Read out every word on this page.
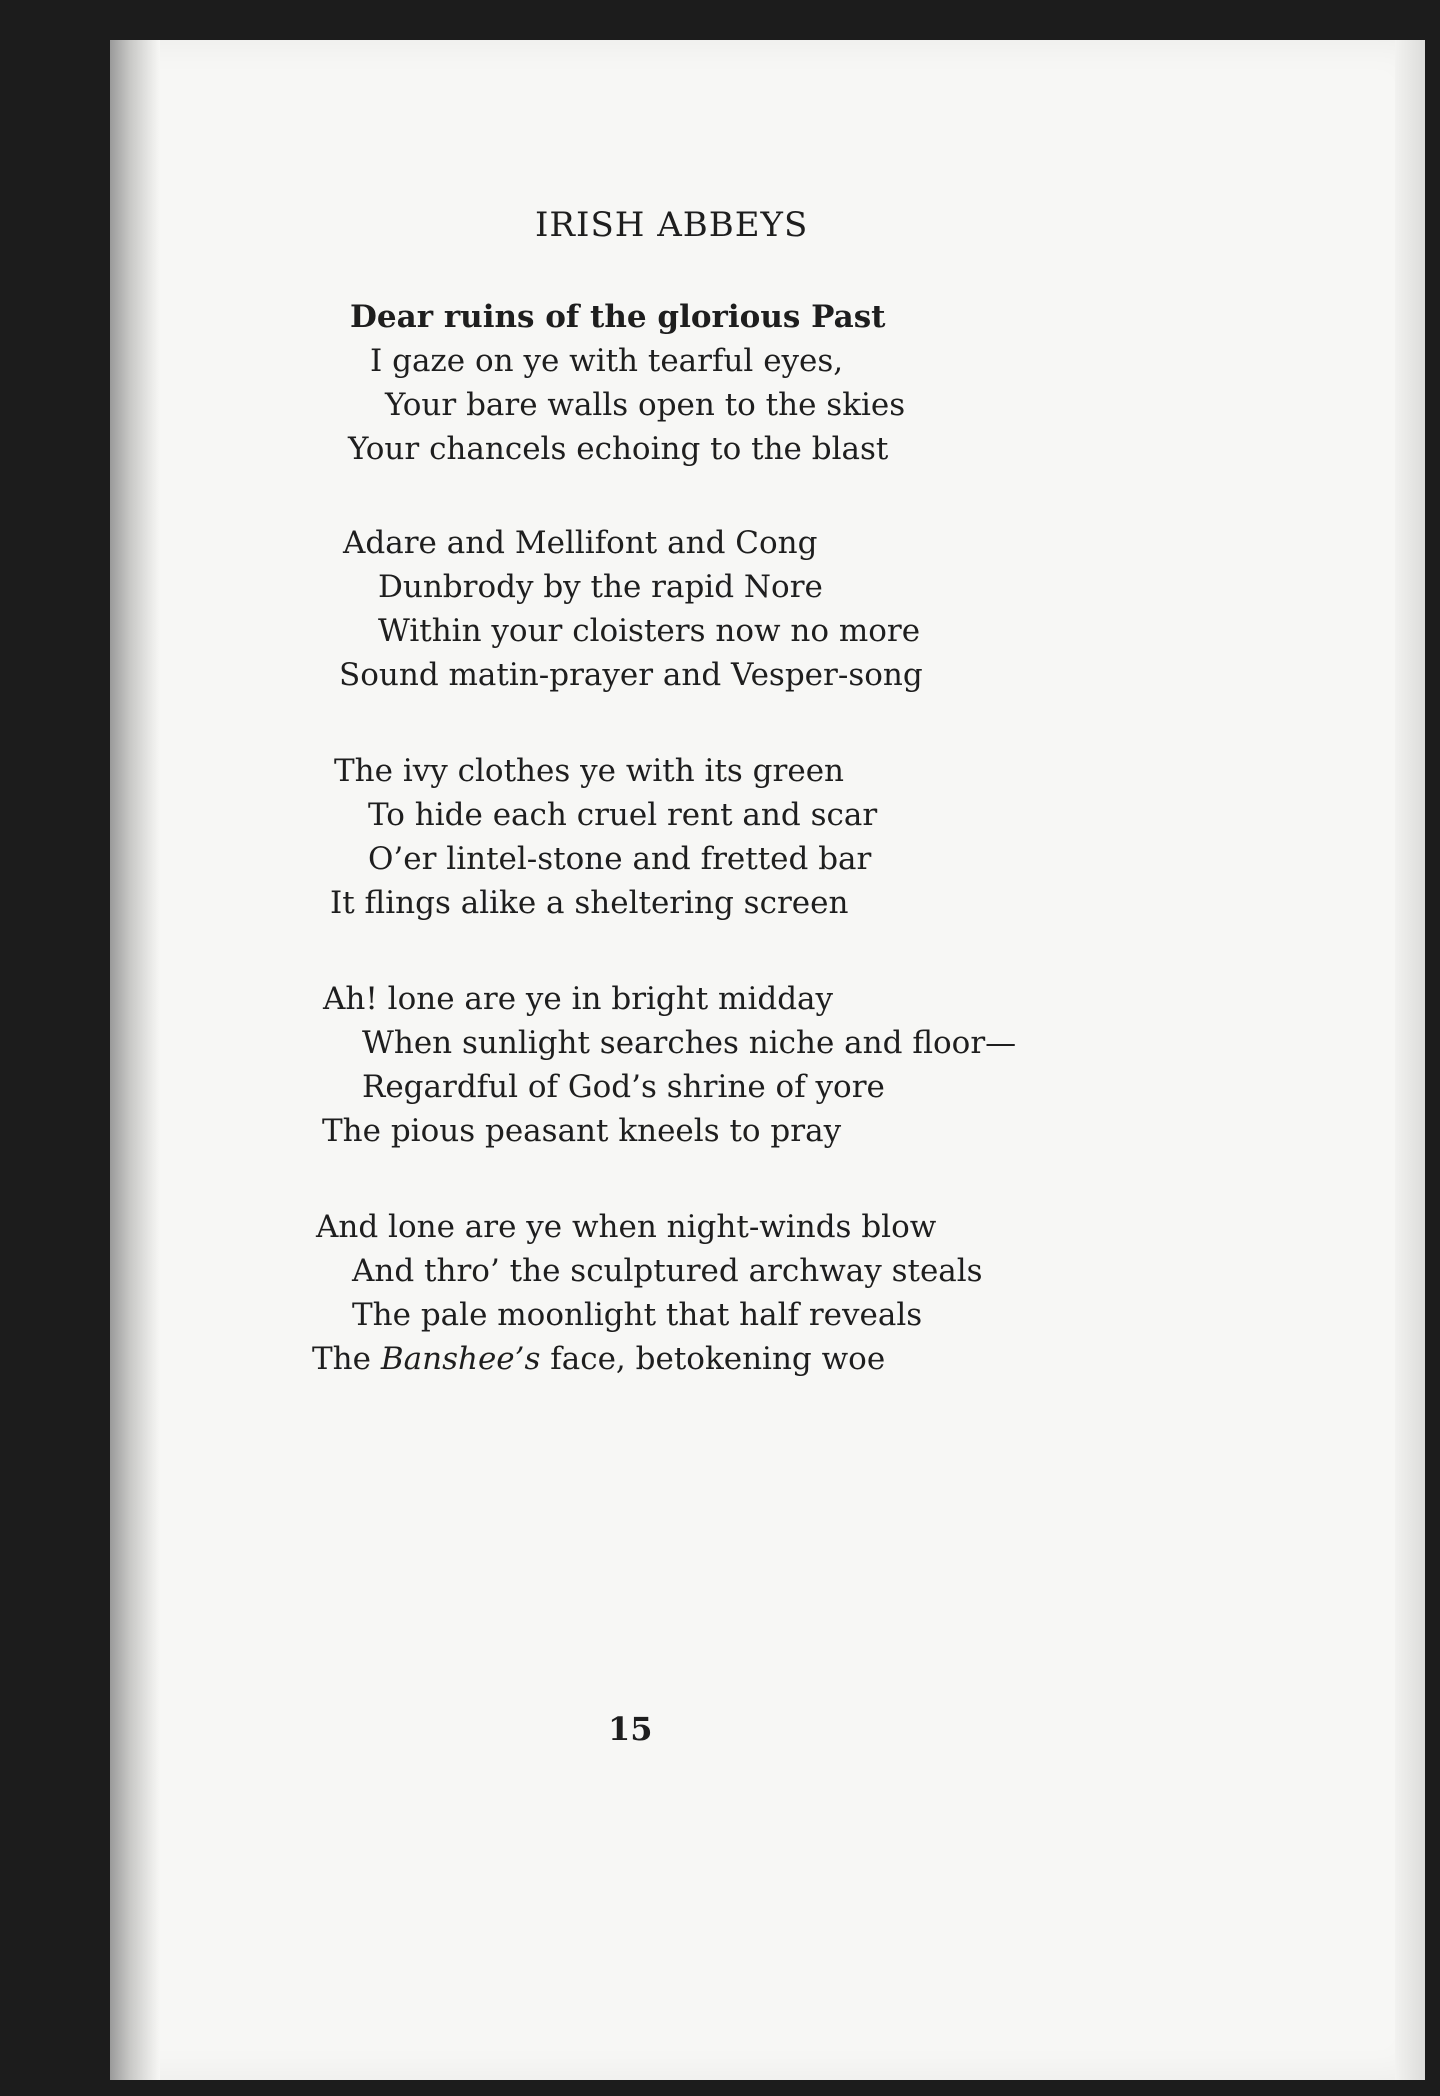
IRISH ABBEYS
Dear ruins of the glorious Past
I gaze on ye with tearful eyes,
Your bare walls open to the skies
Your chancels echoing to the blast
Adare and Mellifont and Cong
Dunbrody by the rapid Nore
Within your cloisters now no more
Sound matin-prayer and Vesper-song
The ivy clothes ye with its green
To hide each cruel rent and scar
O’er lintel-stone and fretted bar
It flings alike a sheltering screen
Ah! lone are ye in bright midday
When sunlight searches niche and floor—
Regardful of God’s shrine of yore
The pious peasant kneels to pray
And lone are ye when night-winds blow
And thro’ the sculptured archway steals
The pale moonlight that half reveals
The Banshee’s face, betokening woe
15
